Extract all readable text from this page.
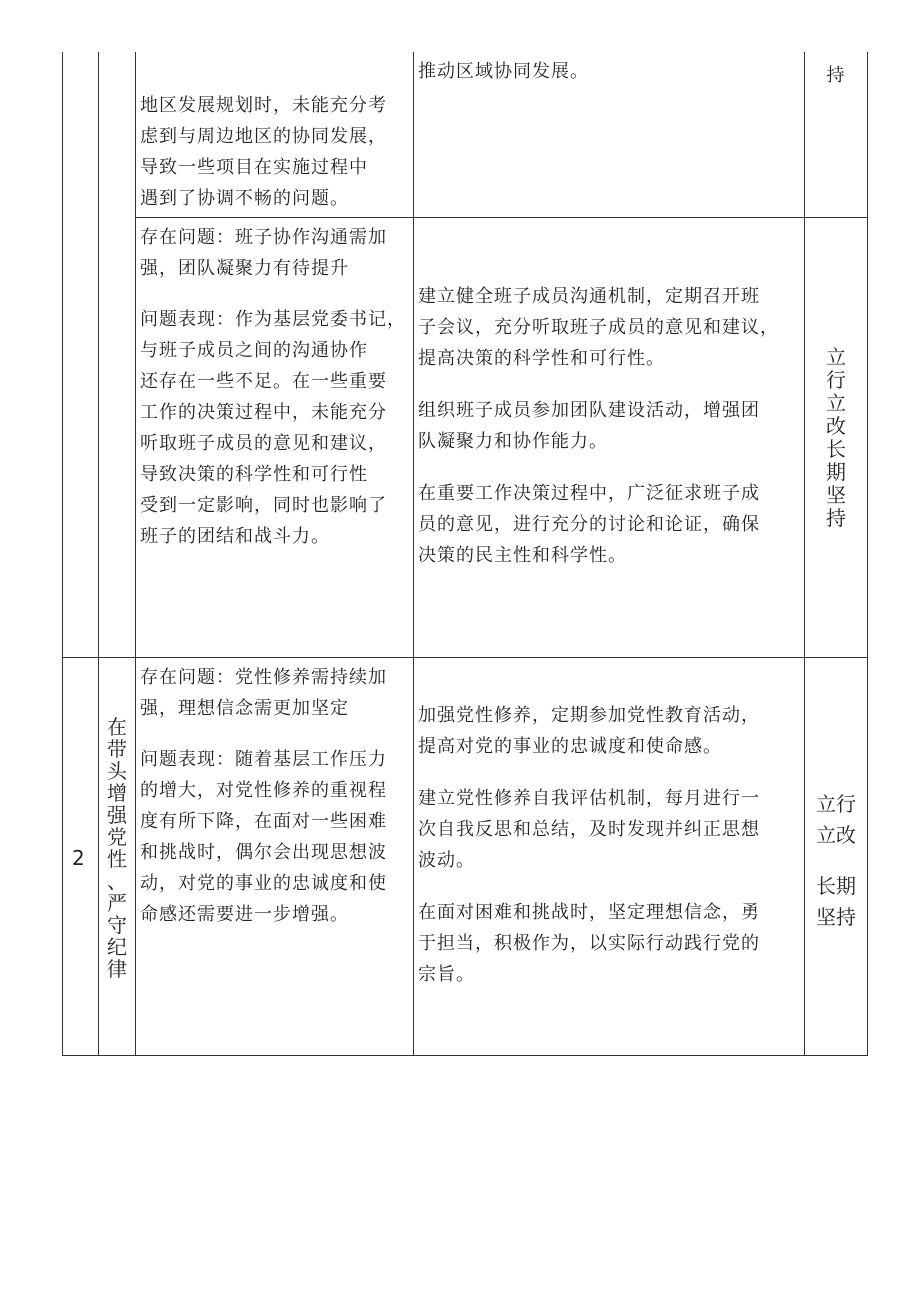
地区发展规划时，未能充分考

虑到与周边地区的协同发展，

导致一些项目在实施过程中

遇到了协调不畅的问题。

推动区域协同发展。	持

存在问题：班子协作沟通需加

强，团队凝聚力有待提升

问题表现：作为基层党委书记，

与班子成员之间的沟通协作

还存在一些不足。在一些重要

工作的决策过程中，未能充分

听取班子成员的意见和建议，

导致决策的科学性和可行性

受到一定影响，同时也影响了

班子的团结和战斗力。

建立健全班子成员沟通机制，定期召开班

子会议，充分听取班子成员的意见和建议，

提高决策的科学性和可行性。

组织班子成员参加团队建设活动，增强团

队凝聚力和协作能力。

在重要工作决策过程中，广泛征求班子成

员的意见，进行充分的讨论和论证，确保

决策的民主性和科学性。

立
行
立
改
长
期
坚
持
2
在
带
头
增
强
党
性
、
严
守
纪
律

存在问题：党性修养需持续加

强，理想信念需更加坚定

问题表现：随着基层工作压力

的增大，对党性修养的重视程

度有所下降，在面对一些困难

和挑战时，偶尔会出现思想波

动，对党的事业的忠诚度和使

命感还需要进一步增强。

加强党性修养，定期参加党性教育活动，

提高对党的事业的忠诚度和使命感。

建立党性修养自我评估机制，每月进行一

次自我反思和总结，及时发现并纠正思想

波动。

在面对困难和挑战时，坚定理想信念，勇

于担当，积极作为，以实际行动践行党的

宗旨。

立行
立改
长期
坚持
